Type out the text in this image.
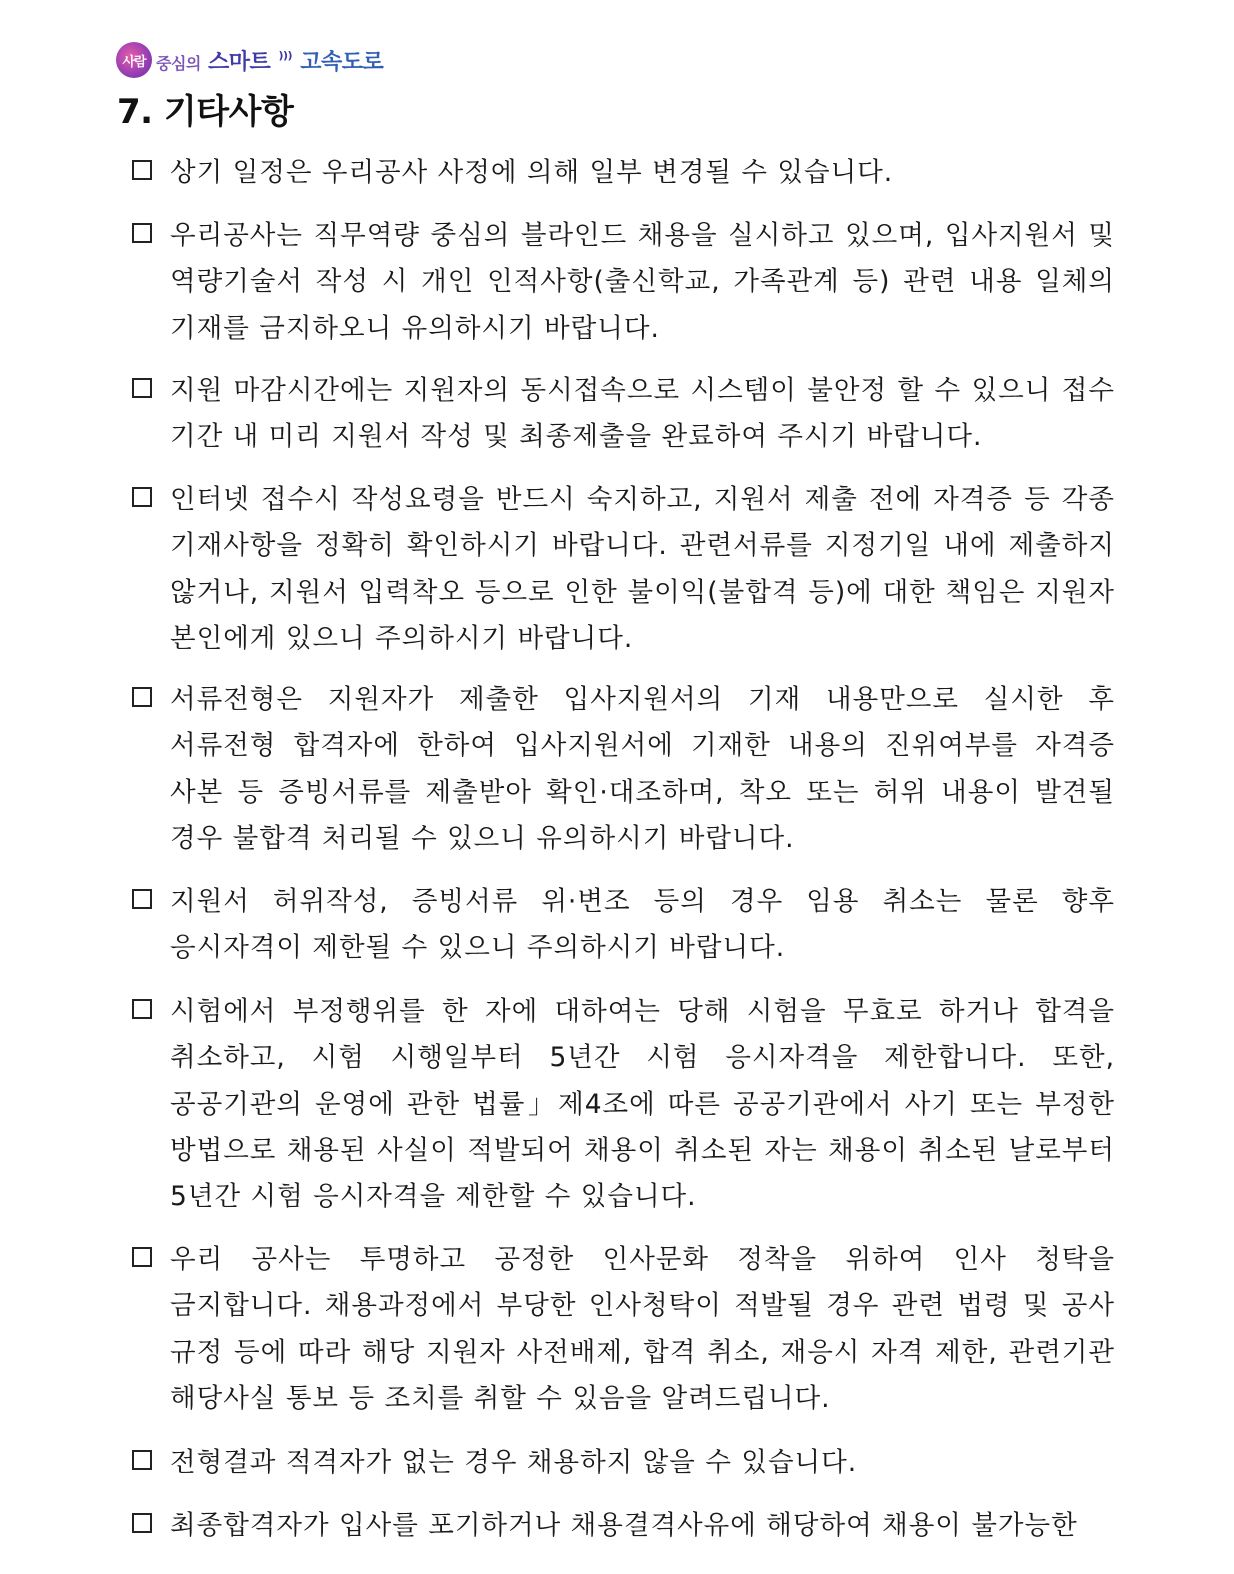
사람 중심의 스마트 ))) 고속도로
7. 기타사항

상기 일정은 우리공사 사정에 의해 일부 변경될 수 있습니다.

우리공사는 직무역량 중심의 블라인드 채용을 실시하고 있으며, 입사지원서 및 역량기술서 작성 시 개인 인적사항(출신학교, 가족관계 등) 관련 내용 일체의 기재를 금지하오니 유의하시기 바랍니다.

지원 마감시간에는 지원자의 동시접속으로 시스템이 불안정 할 수 있으니 접수 기간 내 미리 지원서 작성 및 최종제출을 완료하여 주시기 바랍니다.

인터넷 접수시 작성요령을 반드시 숙지하고, 지원서 제출 전에 자격증 등 각종 기재사항을 정확히 확인하시기 바랍니다. 관련서류를 지정기일 내에 제출하지 않거나, 지원서 입력착오 등으로 인한 불이익(불합격 등)에 대한 책임은 지원자 본인에게 있으니 주의하시기 바랍니다.

서류전형은 지원자가 제출한 입사지원서의 기재 내용만으로 실시한 후 서류전형 합격자에 한하여 입사지원서에 기재한 내용의 진위여부를 자격증 사본 등 증빙서류를 제출받아 확인·대조하며, 착오 또는 허위 내용이 발견될 경우 불합격 처리될 수 있으니 유의하시기 바랍니다.

지원서 허위작성, 증빙서류 위·변조 등의 경우 임용 취소는 물론 향후 응시자격이 제한될 수 있으니 주의하시기 바랍니다.

시험에서 부정행위를 한 자에 대하여는 당해 시험을 무효로 하거나 합격을 취소하고, 시험 시행일부터 5년간 시험 응시자격을 제한합니다. 또한, 공공기관의 운영에 관한 법률」제4조에 따른 공공기관에서 사기 또는 부정한 방법으로 채용된 사실이 적발되어 채용이 취소된 자는 채용이 취소된 날로부터 5년간 시험 응시자격을 제한할 수 있습니다.

우리 공사는 투명하고 공정한 인사문화 정착을 위하여 인사 청탁을 금지합니다. 채용과정에서 부당한 인사청탁이 적발될 경우 관련 법령 및 공사 규정 등에 따라 해당 지원자 사전배제, 합격 취소, 재응시 자격 제한, 관련기관 해당사실 통보 등 조치를 취할 수 있음을 알려드립니다.

전형결과 적격자가 없는 경우 채용하지 않을 수 있습니다.

최종합격자가 입사를 포기하거나 채용결격사유에 해당하여 채용이 불가능한
